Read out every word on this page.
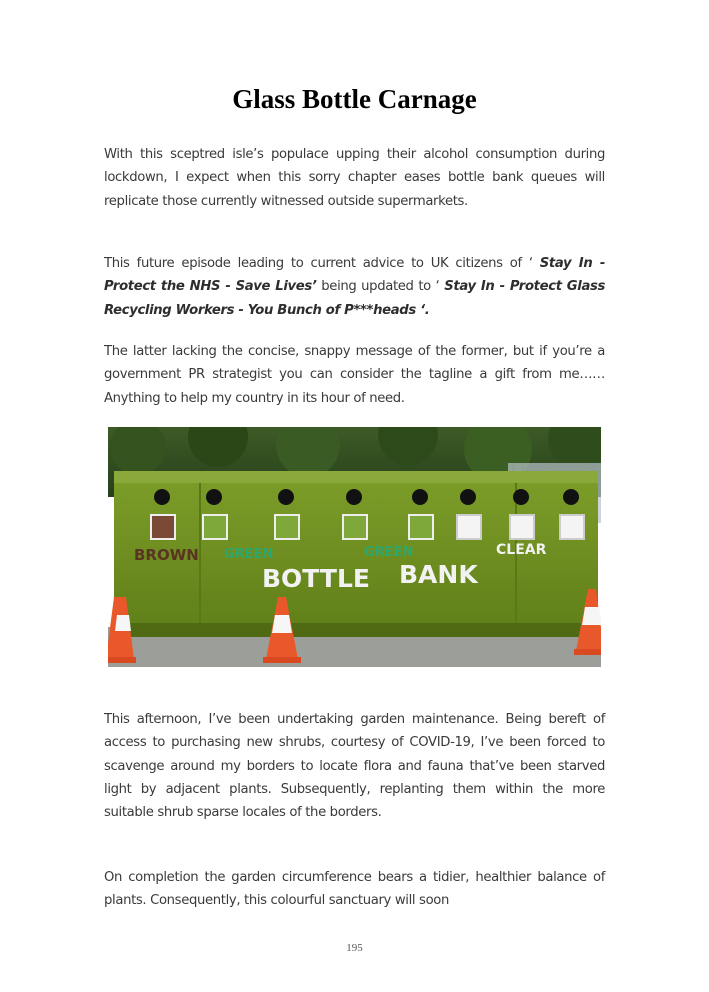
Glass Bottle Carnage

With this sceptred isle’s populace upping their alcohol consumption during lockdown, I expect when this sorry chapter eases bottle bank queues will replicate those currently witnessed outside supermarkets.

This future episode leading to current advice to UK citizens of ‘ Stay In - Protect the NHS - Save Lives’ being updated to ‘ Stay In - Protect Glass Recycling Workers - You Bunch of P***heads ‘.

The latter lacking the concise, snappy message of the former, but if you’re a government PR strategist you can consider the tagline a gift from me…… Anything to help my country in its hour of need.

BROWN GREEN	GREEN	CLEAR
BOTTLE BANK

This afternoon, I’ve been undertaking garden maintenance. Being bereft of access to purchasing new shrubs, courtesy of COVID-19, I’ve been forced to scavenge around my borders to locate flora and fauna that’ve been starved light by adjacent plants. Subsequently, replanting them within the more suitable shrub sparse locales of the borders.

On completion the garden circumference bears a tidier, healthier balance of plants. Consequently, this colourful sanctuary will soon

195
